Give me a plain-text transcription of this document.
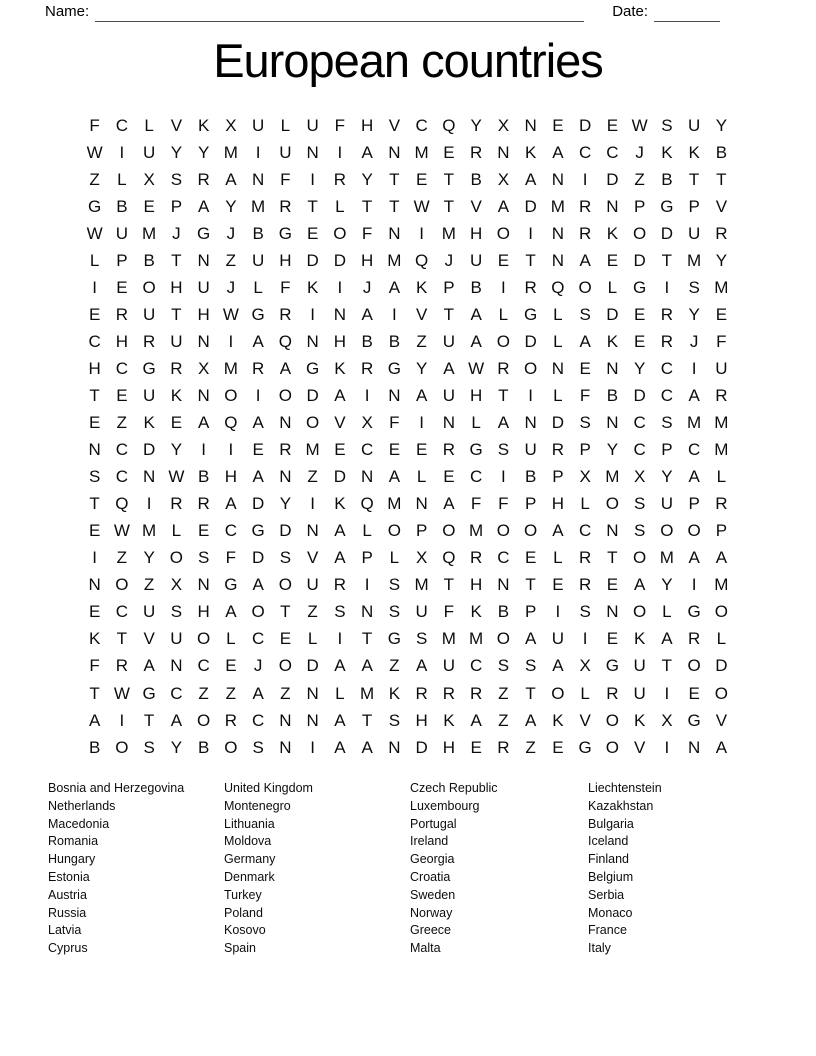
Name:	Date:
European countries
F C L V K X U L U F H V C Q Y X N E D E W S U Y
W I	U Y Y M	I	U N	I	A N M E R N K A C C J	K K B
Z	L X S R A N F	I	R Y T E T B X A N	I	D Z B T T
G B E P A Y M R T	L	T T W T V A D M R N P G P V
W U M J G J	B G E O F N	I	M H O	I	N R K O D U R
L P B T N Z U H D D H M Q J U E T N A E D T M Y
I	E O H U J	L	F K	I	J	A K P B	I	R Q O L G	I	S M
E R U T H W G R	I	N A	I	V T A L G L S D E R Y E
C H R U N	I	A Q N H B B Z U A O D L A K E R J	F
H C G R X M R A G K R G Y A W R O N E N Y C	I	U
T E U K N O	I	O D A	I	N A U H T	I	L	F B D C A R
E Z K E A Q A N O V X F	I	N L A N D S N C S M M
N C D Y	I	I	E R M E C E E R G S U R P Y C P C M
S C N W B H A N Z D N A L E C	I	B P X M X Y A L
T Q	I	R R A D Y	I	K Q M N A F F P H L O S U P R
E W M L E C G D N A L O P O M O O A C N S O O P
I	Z Y O S F D S V A P L X Q R C E L R T O M A A
N O Z X N G A O U R	I	S M T H N T E R E A Y	I	M
E C U S H A O T Z S N S U F K B P	I	S N O L G O
K T V U O L C E L	I	T G S M M O A U	I	E K A R L
F R A N C E	J O D A A Z A U C S S A X G U T O D
T W G C Z Z A Z N L M K R R R Z T O L R U	I	E O
A	I	T A O R C N N A T S H K A Z A K V O K X G V
B O S Y B O S N	I	A A N D H E R Z E G O V	I	N A
Bosnia and Herzegovina
Netherlands
Macedonia
Romania
Hungary
Estonia
Austria
Russia
Latvia
Cyprus
United Kingdom
Montenegro
Lithuania
Moldova
Germany
Denmark
Turkey
Poland
Kosovo
Spain
Czech Republic
Luxembourg
Portugal
Ireland
Georgia
Croatia
Sweden
Norway
Greece
Malta
Liechtenstein
Kazakhstan
Bulgaria
Iceland
Finland
Belgium
Serbia
Monaco
France
Italy
